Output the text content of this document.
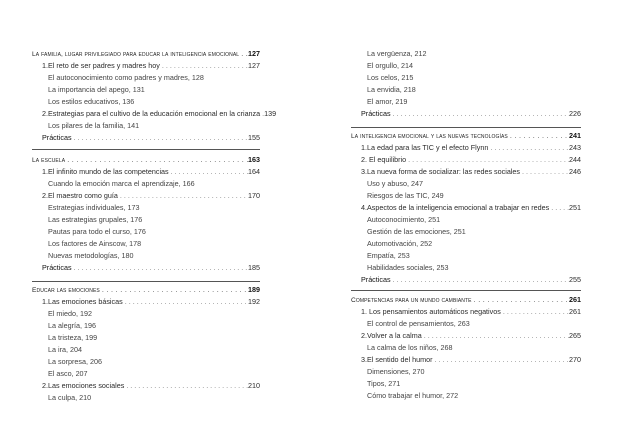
La familia, lugar privilegiado para educar la inteligencia emocional . . . 127
1.El reto de ser padres y madres hoy . . .	127
El autoconocimiento como padres y madres, 128
La importancia del apego, 131
Los estilos educativos, 136
2.Estrategias para el cultivo de la educación emocional en la crianza . . . 139
Los pilares de la familia, 141
Prácticas . . .	155
La escuela . . .	163
1.El infinito mundo de las competencias . . .	164
Cuando la emoción marca el aprendizaje, 166
2.El maestro como guía . . .	170
Estrategias individuales, 173
Las estrategias grupales, 176
Pautas para todo el curso, 176
Los factores de Ainscow, 178
Nuevas metodologías, 180
Prácticas . . .	185
Educar las emociones . . .	189
1.Las emociones básicas . . .	192
El miedo, 192
La alegría, 196
La tristeza, 199
La ira, 204
La sorpresa, 206
El asco, 207
2.Las emociones sociales . . .	210
La culpa, 210
La vergüenza, 212
El orgullo, 214
Los celos, 215
La envidia, 218
El amor, 219
Prácticas . . .	226
La inteligencia emocional y las nuevas tecnologías . . .	241
1.La edad para las TIC y el efecto Flynn . . .	243
2. El equilibrio . . .	244
3.La nueva forma de socializar: las redes sociales . . .	246
Uso y abuso, 247
Riesgos de las TIC, 249
4.Aspectos de la inteligencia emocional a trabajar en redes . . .	251
Autoconocimiento, 251
Gestión de las emociones, 251
Automotivación, 252
Empatía, 253
Habilidades sociales, 253
Prácticas . . .	255
Competencias para un mundo cambiante . . .	261
1. Los pensamientos automáticos negativos . . .	261
El control de pensamientos, 263
2.Volver a la calma . . .	265
La calma de los niños, 268
3.El sentido del humor . . .	270
Dimensiones, 270
Tipos, 271
Cómo trabajar el humor, 272
